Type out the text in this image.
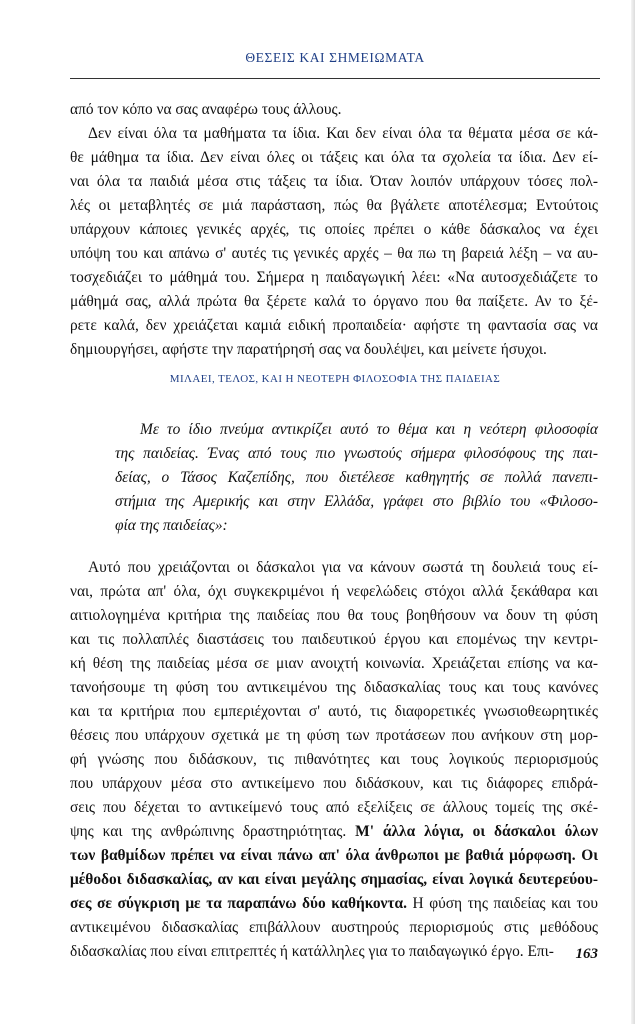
ΘΕΣΕΙΣ ΚΑΙ ΣΗΜΕΙΩΜΑΤΑ
από τον κόπο να σας αναφέρω τους άλλους.
Δεν είναι όλα τα μαθήματα τα ίδια. Και δεν είναι όλα τα θέματα μέσα σε κά-
θε μάθημα τα ίδια. Δεν είναι όλες οι τάξεις και όλα τα σχολεία τα ίδια. Δεν εί-
ναι όλα τα παιδιά μέσα στις τάξεις τα ίδια. Όταν λοιπόν υπάρχουν τόσες πολ-
λές οι μεταβλητές σε μιά παράσταση, πώς θα βγάλετε αποτέλεσμα; Εντούτοις
υπάρχουν κάποιες γενικές αρχές, τις οποίες πρέπει ο κάθε δάσκαλος να έχει
υπόψη του και απάνω σ' αυτές τις γενικές αρχές – θα πω τη βαρειά λέξη – να αυ-
τοσχεδιάζει το μάθημά του. Σήμερα η παιδαγωγική λέει: «Να αυτοσχεδιάζετε το
μάθημά σας, αλλά πρώτα θα ξέρετε καλά το όργανο που θα παίξετε. Αν το ξέ-
ρετε καλά, δεν χρειάζεται καμιά ειδική προπαιδεία· αφήστε τη φαντασία σας να
δημιουργήσει, αφήστε την παρατήρησή σας να δουλέψει, και μείνετε ήσυχοι.
ΜΙΛΑΕΙ, ΤΕΛΟΣ, ΚΑΙ Η ΝΕΟΤΕΡΗ ΦΙΛΟΣΟΦΙΑ ΤΗΣ ΠΑΙΔΕΙΑΣ
Με το ίδιο πνεύμα αντικρίζει αυτό το θέμα και η νεότερη φιλοσοφία
της παιδείας. Ένας από τους πιο γνωστούς σήμερα φιλοσόφους της παι-
δείας, ο Τάσος Καζεπίδης, που διετέλεσε καθηγητής σε πολλά πανεπι-
στήμια της Αμερικής και στην Ελλάδα, γράφει στο βιβλίο του «Φιλοσο-
φία της παιδείας»:
Αυτό που χρειάζονται οι δάσκαλοι για να κάνουν σωστά τη δουλειά τους εί-
ναι, πρώτα απ' όλα, όχι συγκεκριμένοι ή νεφελώδεις στόχοι αλλά ξεκάθαρα και
αιτιολογημένα κριτήρια της παιδείας που θα τους βοηθήσουν να δουν τη φύση
και τις πολλαπλές διαστάσεις του παιδευτικού έργου και επομένως την κεντρι-
κή θέση της παιδείας μέσα σε μιαν ανοιχτή κοινωνία. Χρειάζεται επίσης να κα-
τανοήσουμε τη φύση του αντικειμένου της διδασκαλίας τους και τους κανόνες
και τα κριτήρια που εμπεριέχονται σ' αυτό, τις διαφορετικές γνωσιοθεωρητικές
θέσεις που υπάρχουν σχετικά με τη φύση των προτάσεων που ανήκουν στη μορ-
φή γνώσης που διδάσκουν, τις πιθανότητες και τους λογικούς περιορισμούς
που υπάρχουν μέσα στο αντικείμενο που διδάσκουν, και τις διάφορες επιδρά-
σεις που δέχεται το αντικείμενό τους από εξελίξεις σε άλλους τομείς της σκέ-
ψης και της ανθρώπινης δραστηριότητας. Μ' άλλα λόγια, οι δάσκαλοι όλων
των βαθμίδων πρέπει να είναι πάνω απ' όλα άνθρωποι με βαθιά μόρφωση. Οι
μέθοδοι διδασκαλίας, αν και είναι μεγάλης σημασίας, είναι λογικά δευτερεύου-
σες σε σύγκριση με τα παραπάνω δύο καθήκοντα. Η φύση της παιδείας και του
αντικειμένου διδασκαλίας επιβάλλουν αυστηρούς περιορισμούς στις μεθόδους
διδασκαλίας που είναι επιτρεπτές ή κατάλληλες για το παιδαγωγικό έργο. Επι-	163
